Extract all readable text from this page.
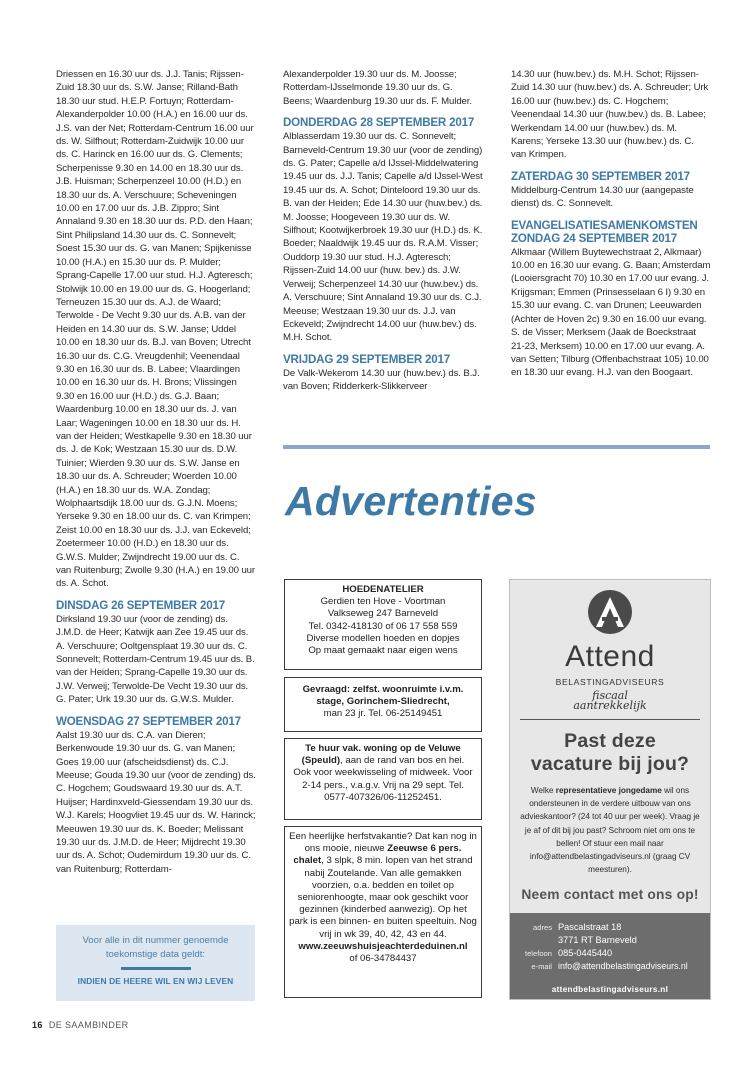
Driessen en 16.30 uur ds. J.J. Tanis; Rijssen-Zuid 18.30 uur ds. S.W. Janse; Rilland-Bath 18.30 uur stud. H.E.P. Fortuyn; Rotterdam-Alexanderpolder 10.00 (H.A.) en 16.00 uur ds. J.S. van der Net; Rotterdam-Centrum 16.00 uur ds. W. Silfhout; Rotterdam-Zuidwijk 10.00 uur ds. C. Harinck en 16.00 uur ds. G. Clements; Scherpenisse 9.30 en 14.00 en 18.30 uur ds. J.B. Huisman; Scherpenzeel 10.00 (H.D.) en 18.30 uur ds. A. Verschuure; Scheveningen 10.00 en 17.00 uur ds. J.B. Zippro; Sint Annaland 9.30 en 18.30 uur ds. P.D. den Haan; Sint Philipsland 14.30 uur ds. C. Sonnevelt; Soest 15.30 uur ds. G. van Manen; Spijkenisse 10.00 (H.A.) en 15.30 uur ds. P. Mulder; Sprang-Capelle 17.00 uur stud. H.J. Agteresch; Stolwijk 10.00 en 19.00 uur ds. G. Hoogerland; Terneuzen 15.30 uur ds. A.J. de Waard; Terwolde - De Vecht 9.30 uur ds. A.B. van der Heiden en 14.30 uur ds. S.W. Janse; Uddel 10.00 en 18.30 uur ds. B.J. van Boven; Utrecht 16.30 uur ds. C.G. Vreugdenhil; Veenendaal 9.30 en 16.30 uur ds. B. Labee; Vlaardingen 10.00 en 16.30 uur ds. H. Brons; Vlissingen 9.30 en 16.00 uur (H.D.) ds. G.J. Baan; Waardenburg 10.00 en 18.30 uur ds. J. van Laar; Wageningen 10.00 en 18.30 uur ds. H. van der Heiden; Westkapelle 9.30 en 18.30 uur ds. J. de Kok; Westzaan 15.30 uur ds. D.W. Tuinier; Wierden 9.30 uur ds. S.W. Janse en 18.30 uur ds. A. Schreuder; Woerden 10.00 (H.A.) en 18.30 uur ds. W.A. Zondag; Wolphaartsdijk 18.00 uur ds. G.J.N. Moens; Yerseke 9.30 en 18.00 uur ds. C. van Krimpen; Zeist 10.00 en 18.30 uur ds. J.J. van Eckeveld; Zoetermeer 10.00 (H.D.) en 18.30 uur ds. G.W.S. Mulder; Zwijndrecht 19.00 uur ds. C. van Ruitenburg; Zwolle 9.30 (H.A.) en 19.00 uur ds. A. Schot.

DINSDAG 26 SEPTEMBER 2017

Dirksland 19.30 uur (voor de zending) ds. J.M.D. de Heer; Katwijk aan Zee 19.45 uur ds. A. Verschuure; Ooltgensplaat 19.30 uur ds. C. Sonnevelt; Rotterdam-Centrum 19.45 uur ds. B. van der Heiden; Sprang-Capelle 19.30 uur ds. J.W. Verweij; Terwolde-De Vecht 19.30 uur ds. G. Pater; Urk 19.30 uur ds. G.W.S. Mulder.

WOENSDAG 27 SEPTEMBER 2017

Aalst 19.30 uur ds. C.A. van Dieren; Berkenwoude 19.30 uur ds. G. van Manen; Goes 19.00 uur (afscheidsdienst) ds. C.J. Meeuse; Gouda 19.30 uur (voor de zending) ds. C. Hogchem; Goudswaard 19.30 uur ds. A.T. Huijser; Hardinxveld-Giessendam 19.30 uur ds. W.J. Karels; Hoogvliet 19.45 uur ds. W. Harinck; Meeuwen 19.30 uur ds. K. Boeder; Melissant 19.30 uur ds. J.M.D. de Heer; Mijdrecht 19.30 uur ds. A. Schot; Oudemirdum 19.30 uur ds. C. van Ruitenburg; Rotterdam-

Voor alle in dit nummer genoemde toekomstige data geldt:
INDIEN DE HEERE WIL EN WIJ LEVEN

Alexanderpolder 19.30 uur ds. M. Joosse; Rotterdam-IJsselmonde 19.30 uur ds. G. Beens; Waardenburg 19.30 uur ds. F. Mulder.

DONDERDAG 28 SEPTEMBER 2017

Alblasserdam 19.30 uur ds. C. Sonnevelt; Barneveld-Centrum 19.30 uur (voor de zending) ds. G. Pater; Capelle a/d IJssel-Middelwatering 19.45 uur ds. J.J. Tanis; Capelle a/d IJssel-West 19.45 uur ds. A. Schot; Dinteloord 19.30 uur ds. B. van der Heiden; Ede 14.30 uur (huw.bev.) ds. M. Joosse; Hoogeveen 19.30 uur ds. W. Silfhout; Kootwijkerbroek 19.30 uur (H.D.) ds. K. Boeder; Naaldwijk 19.45 uur ds. R.A.M. Visser; Ouddorp 19.30 uur stud. H.J. Agteresch; Rijssen-Zuid 14.00 uur (huw. bev.) ds. J.W. Verweij; Scherpenzeel 14.30 uur (huw.bev.) ds. A. Verschuure; Sint Annaland 19.30 uur ds. C.J. Meeuse; Westzaan 19.30 uur ds. J.J. van Eckeveld; Zwijndrecht 14.00 uur (huw.bev.) ds. M.H. Schot.

VRIJDAG 29 SEPTEMBER 2017

De Valk-Wekerom 14.30 uur (huw.bev.) ds. B.J. van Boven; Ridderkerk-Slikkerveer

14.30 uur (huw.bev.) ds. M.H. Schot; Rijssen-Zuid 14.30 uur (huw.bev.) ds. A. Schreuder; Urk 16.00 uur (huw.bev.) ds. C. Hogchem; Veenendaal 14.30 uur (huw.bev.) ds. B. Labee; Werkendam 14.00 uur (huw.bev.) ds. M. Karens; Yerseke 13.30 uur (huw.bev.) ds. C. van Krimpen.

ZATERDAG 30 SEPTEMBER 2017

Middelburg-Centrum 14.30 uur (aangepaste dienst) ds. C. Sonnevelt.

EVANGELISATIESAMENKOMSTEN
ZONDAG 24 SEPTEMBER 2017

Alkmaar (Willem Buytewechstraat 2, Alkmaar) 10.00 en 16.30 uur evang. G. Baan; Amsterdam (Looiersgracht 70) 10.30 en 17.00 uur evang. J. Krijgsman; Emmen (Prinsesselaan 6 I) 9.30 en 15.30 uur evang. C. van Drunen; Leeuwarden (Achter de Hoven 2c) 9.30 en 16.00 uur evang. S. de Visser; Merksem (Jaak de Boeckstraat 21-23, Merksem) 10.00 en 17.00 uur evang. A. van Setten; Tilburg (Offenbachstraat 105) 10.00 en 18.30 uur evang. H.J. van den Boogaart.

Advertenties
HOEDENATELIER
Gerdien ten Hove - Voortman
Valkseweg 247 Barneveld
Tel. 0342-418130 of 06 17 558 559
Diverse modellen hoeden en dopjes
Op maat gemaakt naar eigen wens
Gevraagd: zelfst. woonruimte i.v.m. stage, Gorinchem-Sliedrecht,
man 23 jr. Tel. 06-25149451
Te huur vak. woning op de Veluwe (Speuld), aan de rand van bos en hei.
Ook voor weekwisseling of midweek. Voor 2-14 pers., v.a.g.v. Vrij na 29 sept. Tel. 0577-407326/06-11252451.
Een heerlijke herfstvakantie? Dat kan nog in ons mooie, nieuwe Zeeuwse 6 pers. chalet, 3 slpk, 8 min. lopen van het strand nabij Zoutelande. Van alle gemakken voorzien, o.a. bedden en toilet op seniorenhoogte, maar ook geschikt voor gezinnen (kinderbed aanwezig). Op het park is een binnen- en buiten speeltuin. Nog vrij in wk 39, 40, 42, 43 en 44.
www.zeeuwshuisjeachterdeduinen.nl
of 06-34784437
Attend
BELASTINGADVISEURS
fiscaal
aantrekkelijk
Past deze
vacature bij jou?
Welke representatieve jongedame wil ons ondersteunen in de verdere uitbouw van ons advieskantoor? (24 tot 40 uur per week). Vraag je je af of dit bij jou past? Schroom niet om ons te bellen! Of stuur een mail naar info@attendbelastingadviseurs.nl (graag CV meesturen).
Neem contact met ons op!
adres Pascalstraat 18
3771 RT Barneveld
telefoon 085-0445440
e-mail info@attendbelastingadviseurs.nl
attendbelastingadviseurs.nl
16 DE SAAMBINDER
